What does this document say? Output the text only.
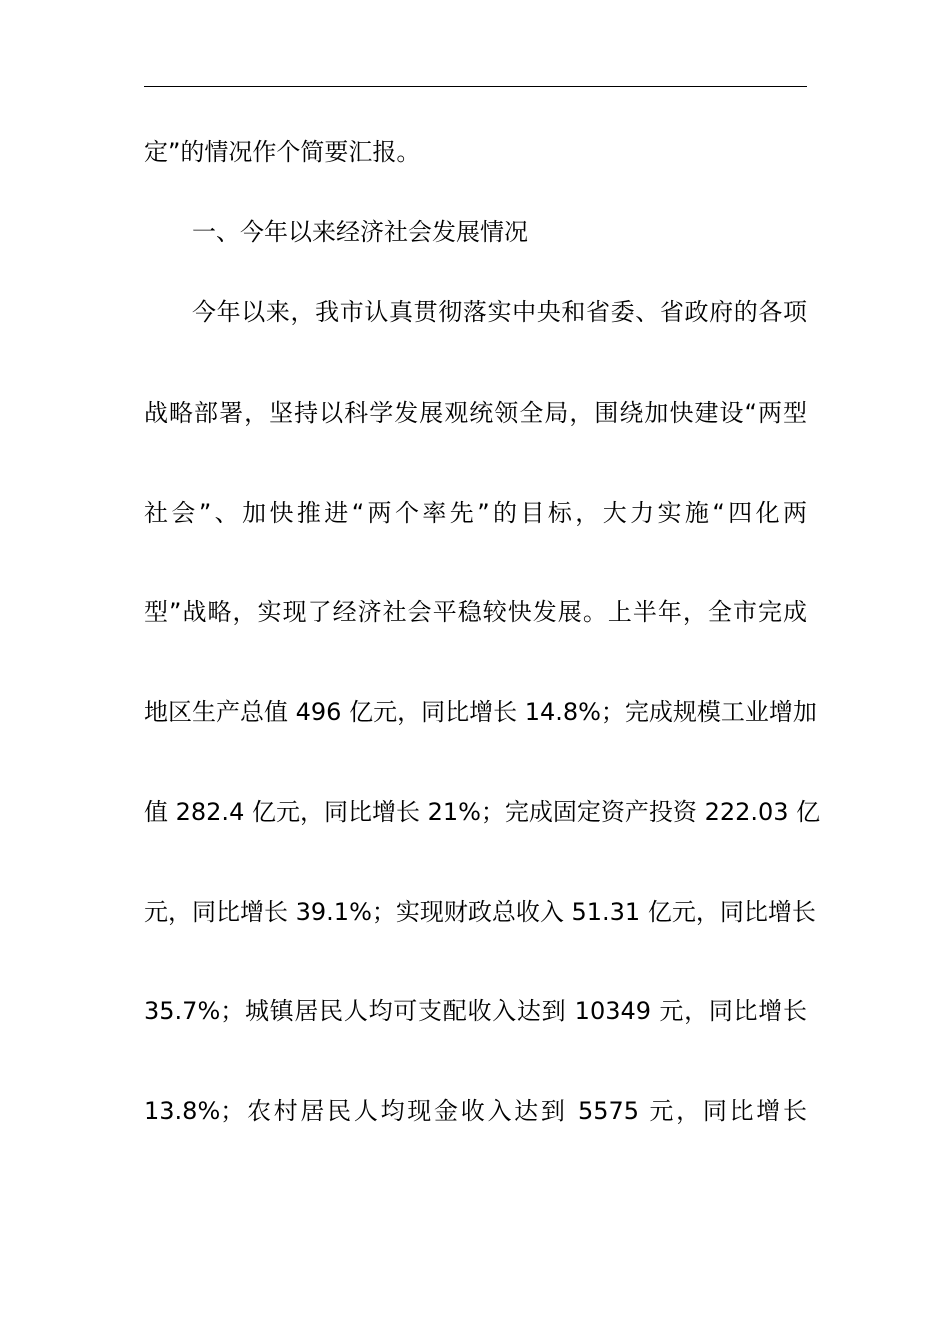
定”的情况作个简要汇报。
一、今年以来经济社会发展情况
今年以来，我市认真贯彻落实中央和省委、省政府的各项
战略部署，坚持以科学发展观统领全局，围绕加快建设“两型
社会”、加快推进“两个率先”的目标，大力实施“四化两
型”战略，实现了经济社会平稳较快发展。上半年，全市完成
地区生产总值 496 亿元，同比增长 14.8%；完成规模工业增加
值 282.4 亿元，同比增长 21%；完成固定资产投资 222.03 亿
元，同比增长 39.1%；实现财政总收入 51.31 亿元，同比增长
35.7%；城镇居民人均可支配收入达到 10349 元，同比增长
13.8%；农村居民人均现金收入达到 5575 元，同比增长
